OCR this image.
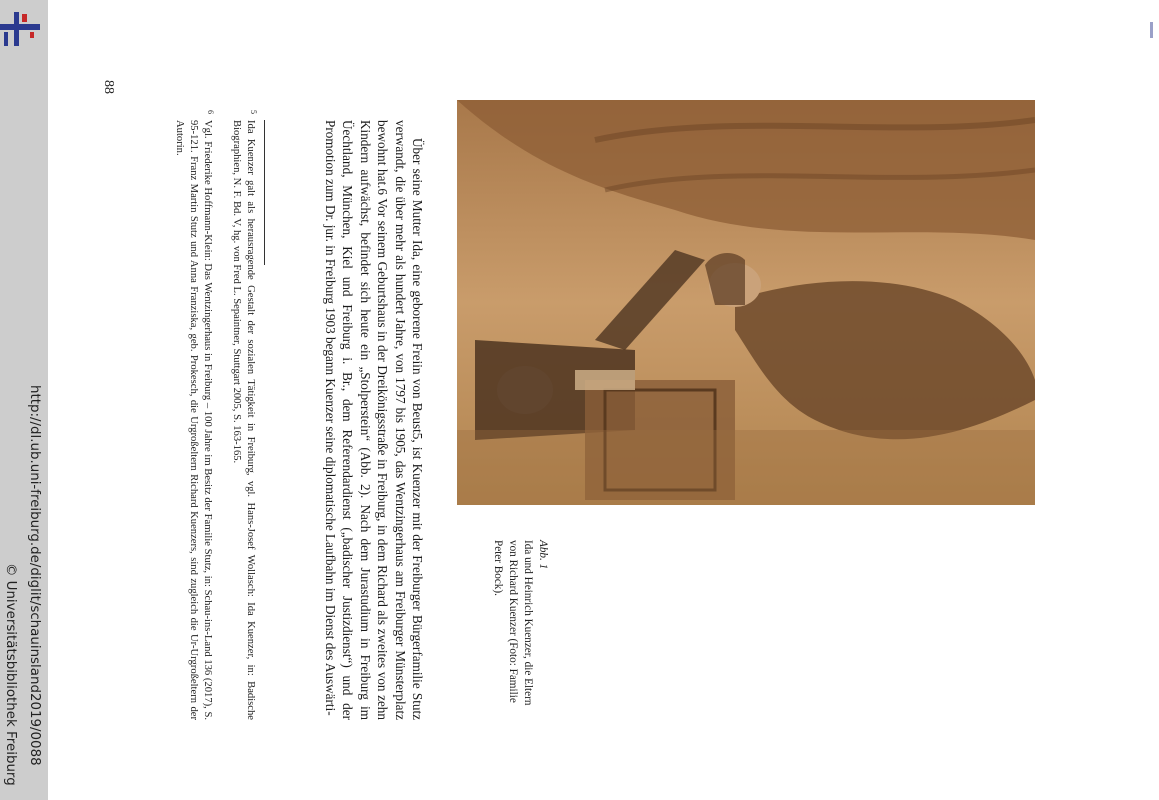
http://dl.ub.uni-freiburg.de/diglit/schauinsland2019/0088
© Universitätsbibliothek Freiburg
Abb. 1
Ida und Heinrich Kuenzer, die Eltern von Richard Kuenzer (Foto: Familie Peter Bock).
Über seine Mutter Ida, eine geborene Freiin von Beust5, ist Kuenzer mit der Freiburger Bürgerfamilie Stutz verwandt, die über mehr als hundert Jahre, von 1797 bis 1905, das Wentzingerhaus am Freiburger Münsterplatz bewohnt hat.6 Vor seinem Geburtshaus in der Dreikönigsstraße in Freiburg, in dem Richard als zweites von zehn Kindern aufwächst, befindet sich heute ein „Stolperstein“ (Abb. 2). Nach dem Jurastudium in Freiburg im Üechtland, München, Kiel und Freiburg i. Br., dem Referendardienst („badischer Justizdienst“) und der Promotion zum Dr. jur. in Freiburg 1903 begann Kuenzer seine diplomatische Laufbahn im Dienst des Auswärti-
5
Ida Kuenzer galt als herausragende Gestalt der sozialen Tätigkeit in Freiburg, vgl. Hans-Josef Wollasch: Ida Kuenzer, in: Badische Biographien, N. F. Bd. V, hg. von Fred L. Sepaintner, Stuttgart 2005, S. 163-165.
6
Vgl. Friederike Hoffmann-Klein: Das Wentzingerhaus in Freiburg – 100 Jahre im Besitz der Familie Stutz, in: Schau-ins-Land 136 (2017), S. 95-121. Franz Martin Stutz und Anna Franziska, geb. Prokesch, die Urgroßeltern Richard Kuenzers, sind zugleich die Ur-Urgroßeltern der Autorin.
88
